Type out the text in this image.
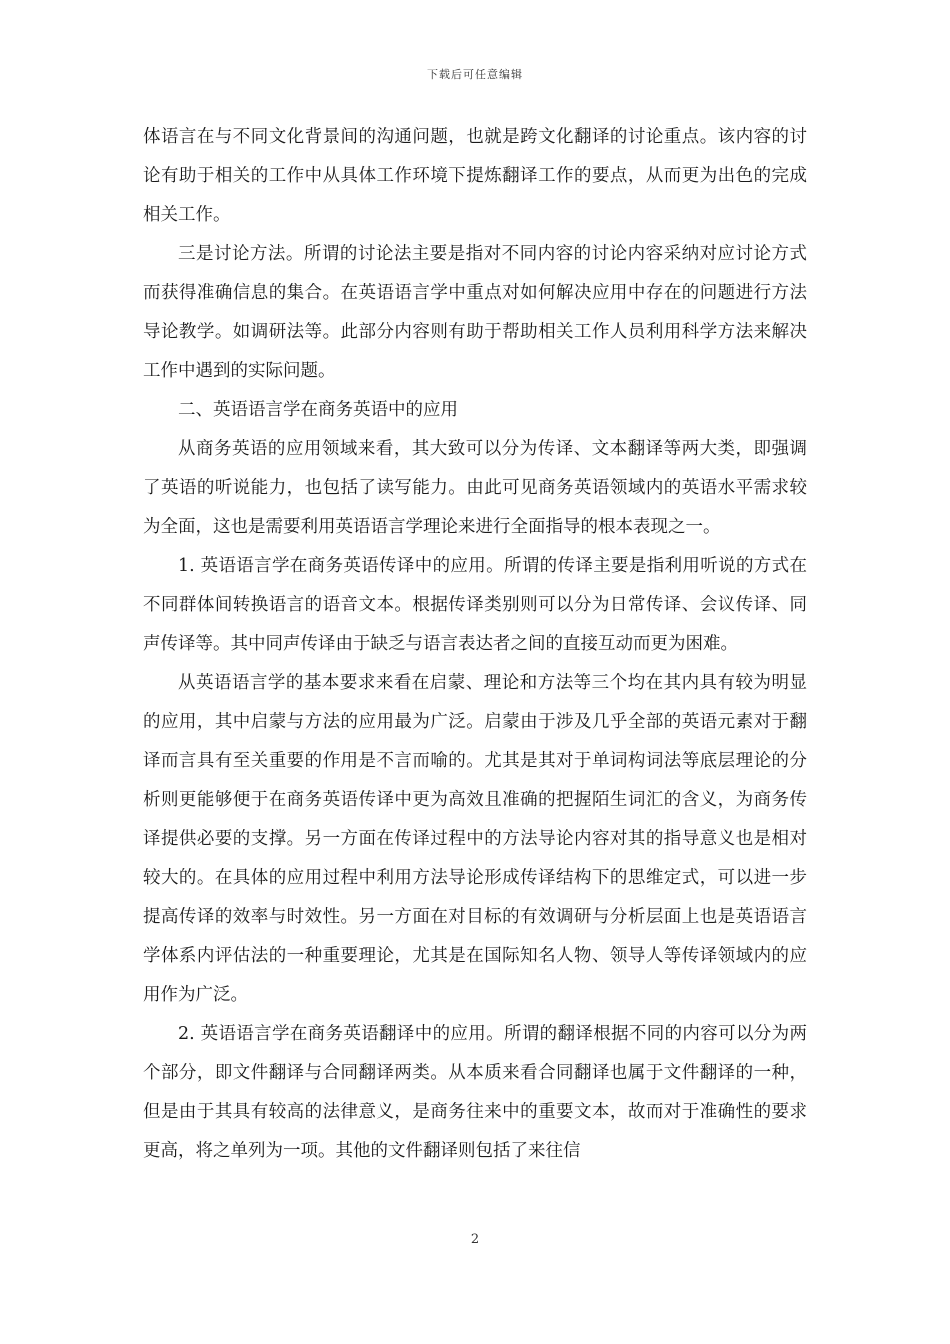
下载后可任意编辑

体语言在与不同文化背景间的沟通问题，也就是跨文化翻译的讨论重点。该内容的讨论有助于相关的工作中从具体工作环境下提炼翻译工作的要点，从而更为出色的完成相关工作。

三是讨论方法。所谓的讨论法主要是指对不同内容的讨论内容采纳对应讨论方式而获得准确信息的集合。在英语语言学中重点对如何解决应用中存在的问题进行方法导论教学。如调研法等。此部分内容则有助于帮助相关工作人员利用科学方法来解决工作中遇到的实际问题。

二、英语语言学在商务英语中的应用

从商务英语的应用领域来看，其大致可以分为传译、文本翻译等两大类，即强调了英语的听说能力，也包括了读写能力。由此可见商务英语领域内的英语水平需求较为全面，这也是需要利用英语语言学理论来进行全面指导的根本表现之一。

1. 英语语言学在商务英语传译中的应用。所谓的传译主要是指利用听说的方式在不同群体间转换语言的语音文本。根据传译类别则可以分为日常传译、会议传译、同声传译等。其中同声传译由于缺乏与语言表达者之间的直接互动而更为困难。

从英语语言学的基本要求来看在启蒙、理论和方法等三个均在其内具有较为明显的应用，其中启蒙与方法的应用最为广泛。启蒙由于涉及几乎全部的英语元素对于翻译而言具有至关重要的作用是不言而喻的。尤其是其对于单词构词法等底层理论的分析则更能够便于在商务英语传译中更为高效且准确的把握陌生词汇的含义，为商务传译提供必要的支撑。另一方面在传译过程中的方法导论内容对其的指导意义也是相对较大的。在具体的应用过程中利用方法导论形成传译结构下的思维定式，可以进一步提高传译的效率与时效性。另一方面在对目标的有效调研与分析层面上也是英语语言学体系内评估法的一种重要理论，尤其是在国际知名人物、领导人等传译领域内的应用作为广泛。

2. 英语语言学在商务英语翻译中的应用。所谓的翻译根据不同的内容可以分为两个部分，即文件翻译与合同翻译两类。从本质来看合同翻译也属于文件翻译的一种，但是由于其具有较高的法律意义，是商务往来中的重要文本，故而对于准确性的要求更高，将之单列为一项。其他的文件翻译则包括了来往信

2
